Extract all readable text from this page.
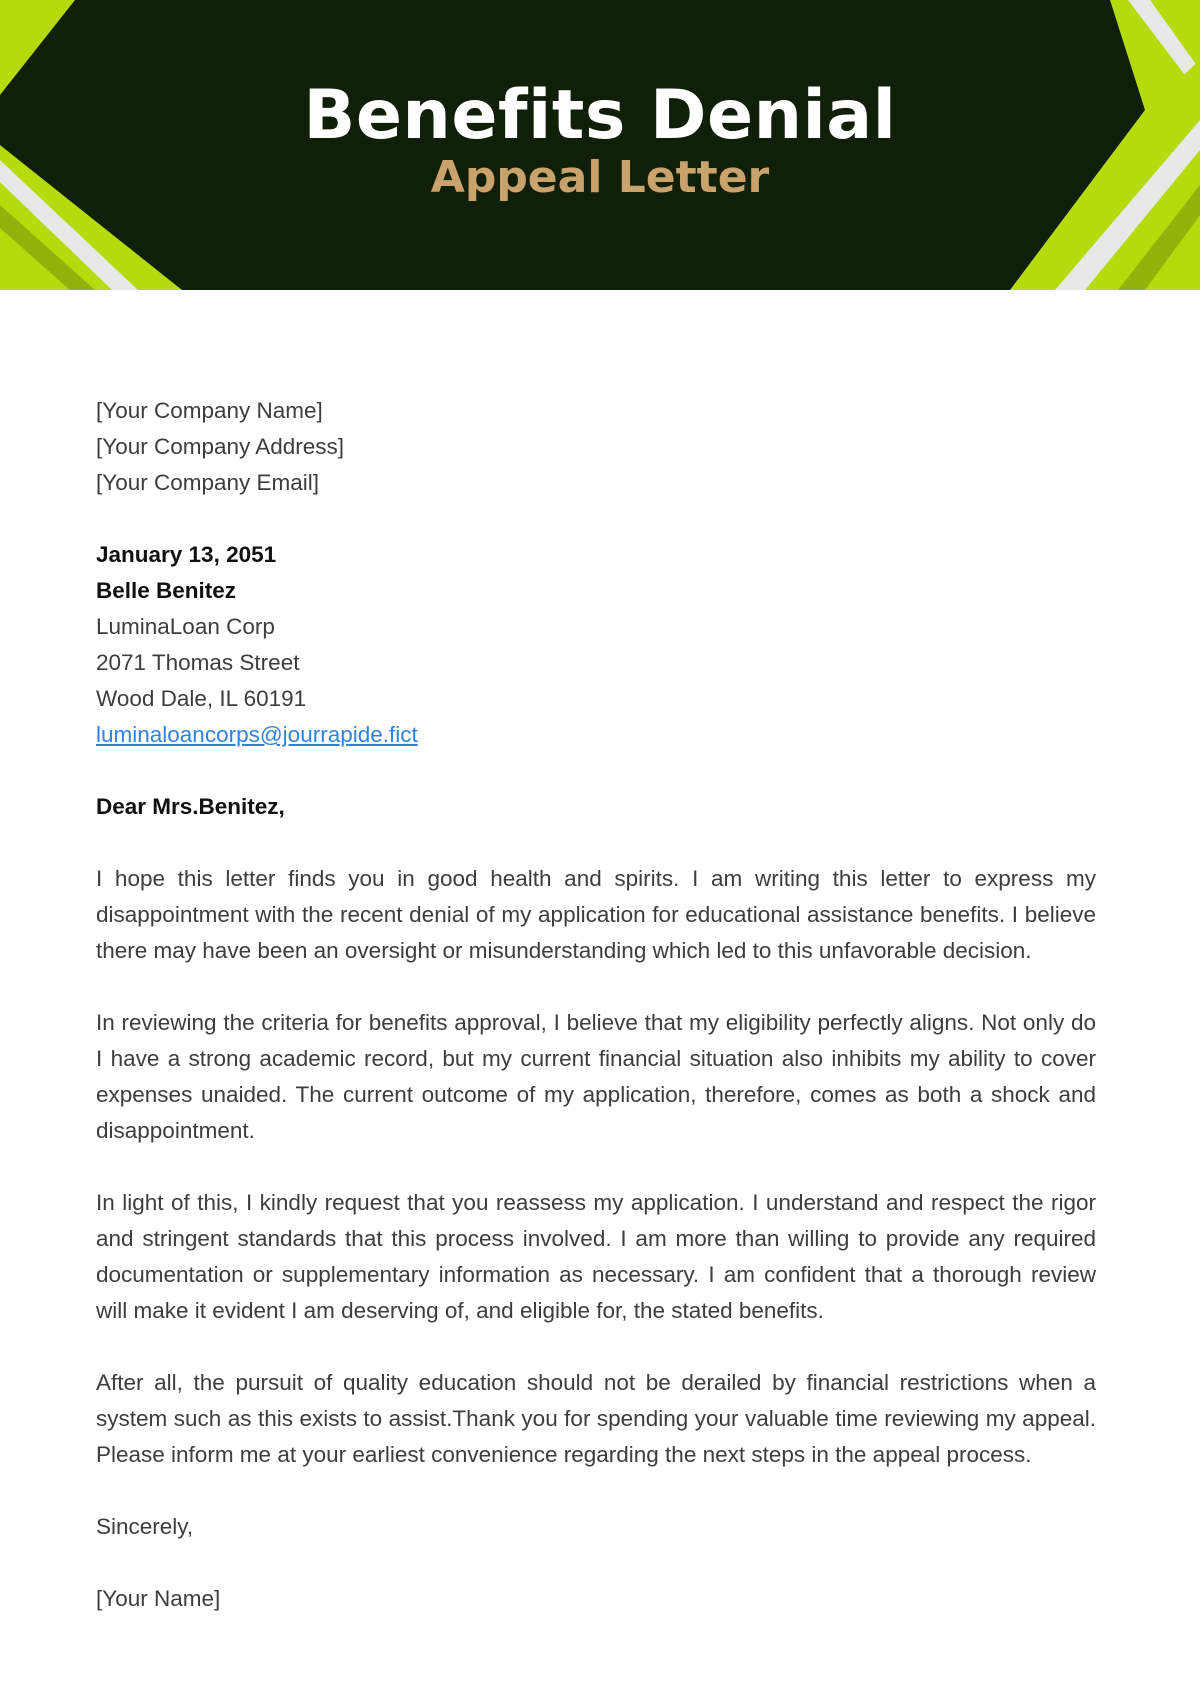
Benefits Denial
Appeal Letter
[Your Company Name]
[Your Company Address]
[Your Company Email]
January 13, 2051
Belle Benitez
LuminaLoan Corp
2071 Thomas Street
Wood Dale, IL 60191
luminaloancorps@jourrapide.fict
Dear Mrs.Benitez,

I hope this letter finds you in good health and spirits. I am writing this letter to express my disappointment with the recent denial of my application for educational assistance benefits. I believe there may have been an oversight or misunderstanding which led to this unfavorable decision.

In reviewing the criteria for benefits approval, I believe that my eligibility perfectly aligns. Not only do I have a strong academic record, but my current financial situation also inhibits my ability to cover expenses unaided. The current outcome of my application, therefore, comes as both a shock and disappointment.

In light of this, I kindly request that you reassess my application. I understand and respect the rigor and stringent standards that this process involved. I am more than willing to provide any required documentation or supplementary information as necessary. I am confident that a thorough review will make it evident I am deserving of, and eligible for, the stated benefits.

After all, the pursuit of quality education should not be derailed by financial restrictions when a system such as this exists to assist.Thank you for spending your valuable time reviewing my appeal. Please inform me at your earliest convenience regarding the next steps in the appeal process.

Sincerely,
[Your Name]
